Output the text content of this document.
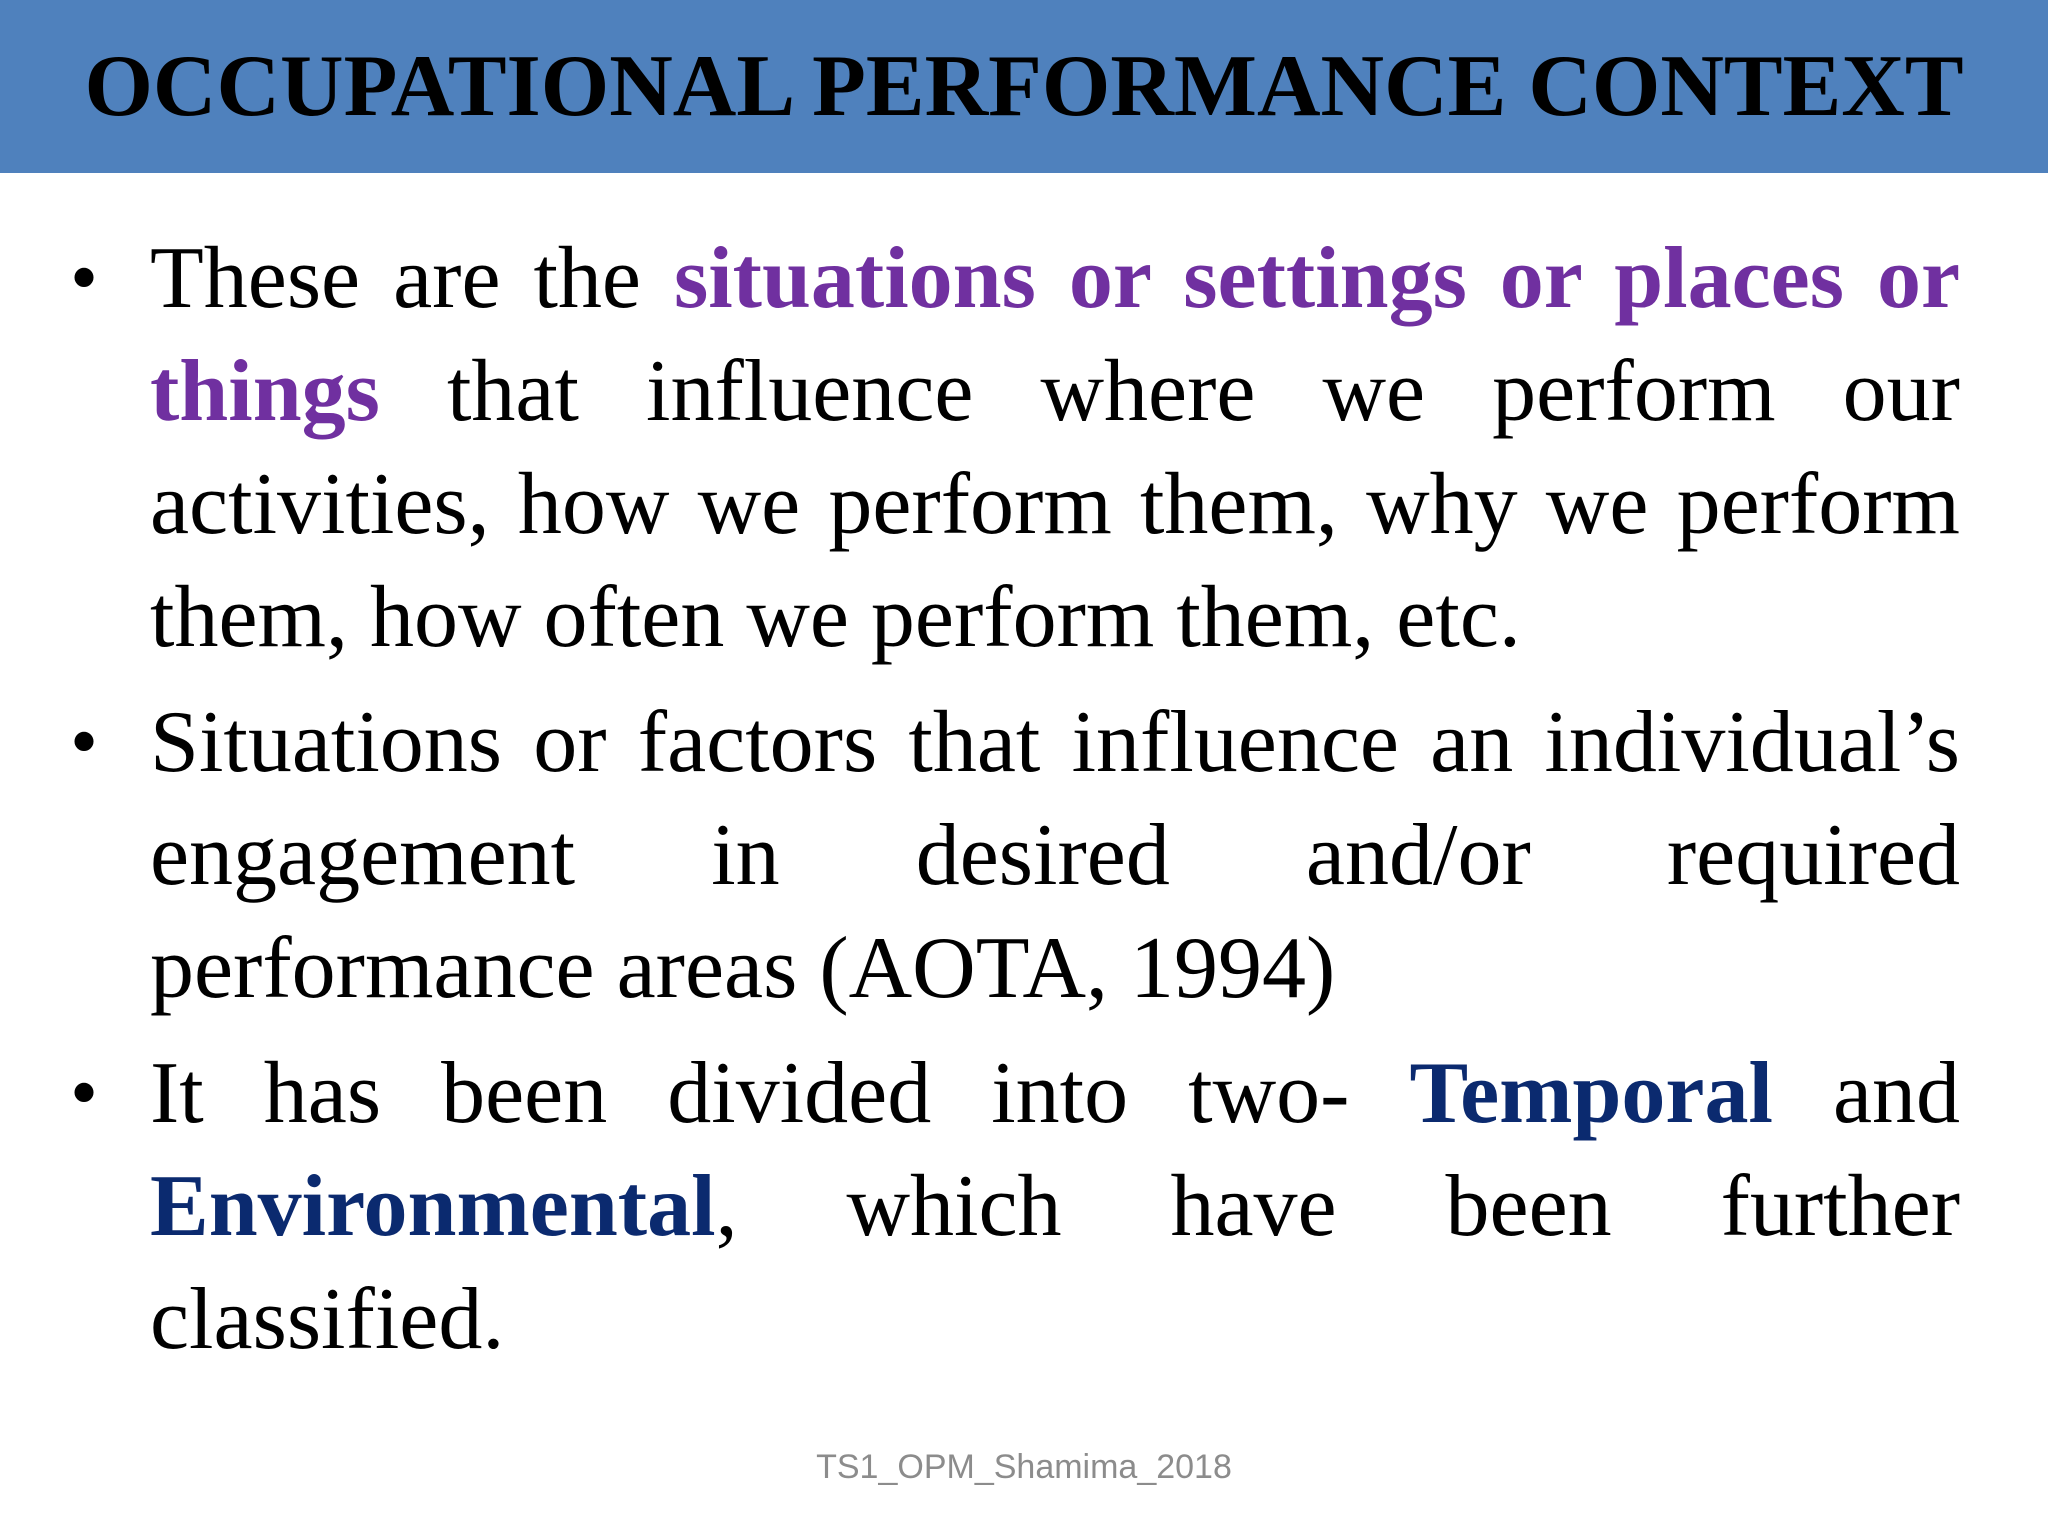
OCCUPATIONAL PERFORMANCE CONTEXT
• These are the situations or settings or places or things that influence where we perform our activities, how we perform them, why we perform them, how often we perform them, etc.
• Situations or factors that influence an individual’s engagement in desired and/or required performance areas (AOTA, 1994)
• It has been divided into two- Temporal and Environmental, which have been further classified.
TS1_OPM_Shamima_2018
